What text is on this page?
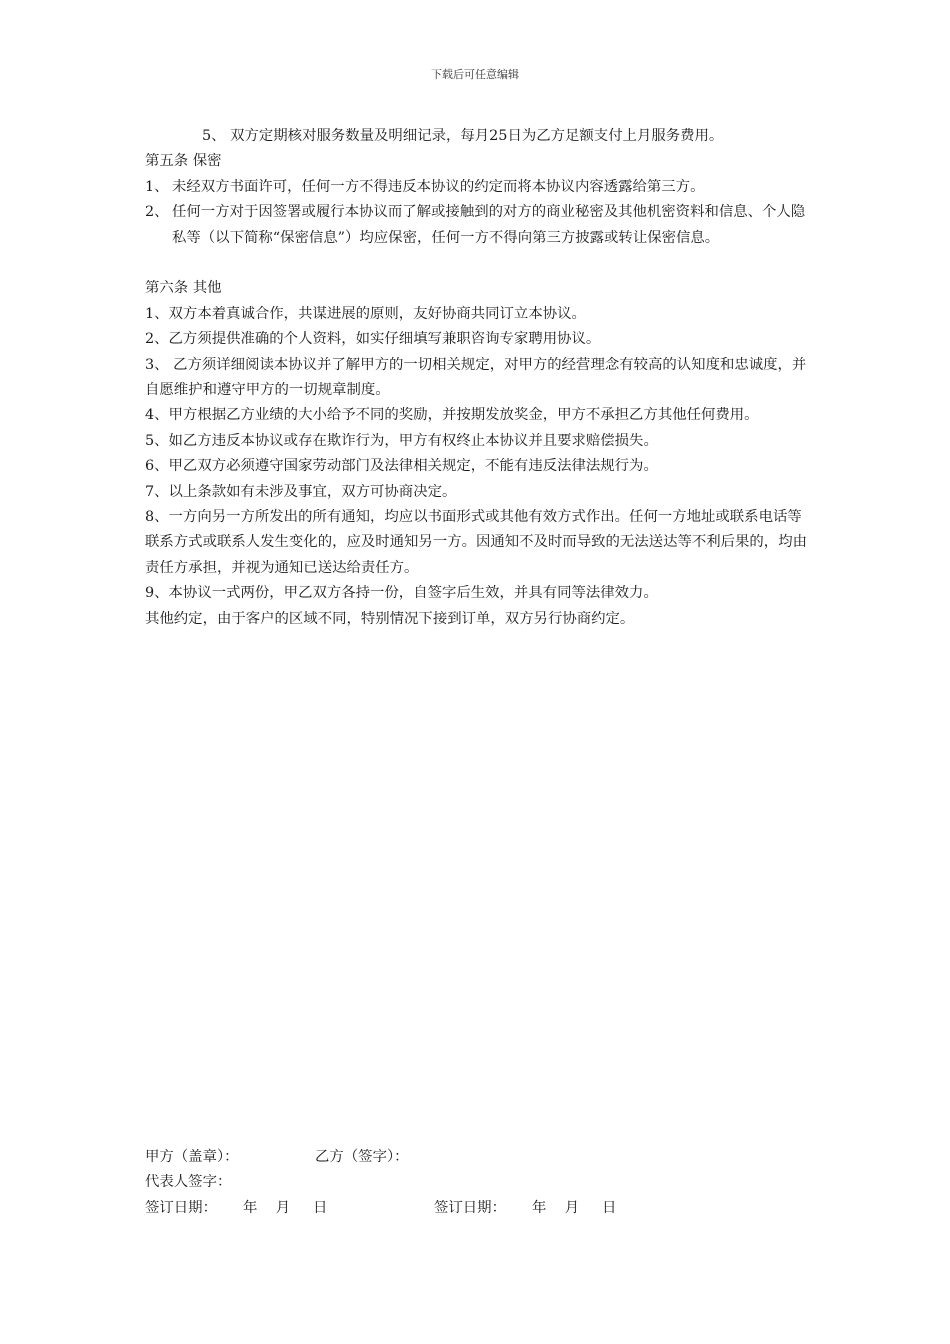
下载后可任意编辑

5、 双方定期核对服务数量及明细记录，每月25日为乙方足额支付上月服务费用。

第五条 保密

1、 未经双方书面许可，任何一方不得违反本协议的约定而将本协议内容透露给第三方。

2、 任何一方对于因签署或履行本协议而了解或接触到的对方的商业秘密及其他机密资料和信息、个人隐私等（以下简称“保密信息”）均应保密，任何一方不得向第三方披露或转让保密信息。

第六条 其他

1、双方本着真诚合作，共谋进展的原则，友好协商共同订立本协议。

2、乙方须提供准确的个人资料，如实仔细填写兼职咨询专家聘用协议。

3、 乙方须详细阅读本协议并了解甲方的一切相关规定，对甲方的经营理念有较高的认知度和忠诚度，并自愿维护和遵守甲方的一切规章制度。

4、甲方根据乙方业绩的大小给予不同的奖励，并按期发放奖金，甲方不承担乙方其他任何费用。

5、如乙方违反本协议或存在欺诈行为，甲方有权终止本协议并且要求赔偿损失。

6、甲乙双方必须遵守国家劳动部门及法律相关规定，不能有违反法律法规行为。

7、以上条款如有未涉及事宜，双方可协商决定。

8、一方向另一方所发出的所有通知，均应以书面形式或其他有效方式作出。任何一方地址或联系电话等联系方式或联系人发生变化的，应及时通知另一方。因通知不及时而导致的无法送达等不利后果的，均由责任方承担，并视为通知已送达给责任方。

9、本协议一式两份，甲乙双方各持一份，自签字后生效，并具有同等法律效力。

其他约定，由于客户的区域不同，特别情况下接到订单，双方另行协商约定。

甲方（盖章）：	乙方（签字）：
代表人签字：
签订日期： 年    月     日	签订日期： 年    月     日
